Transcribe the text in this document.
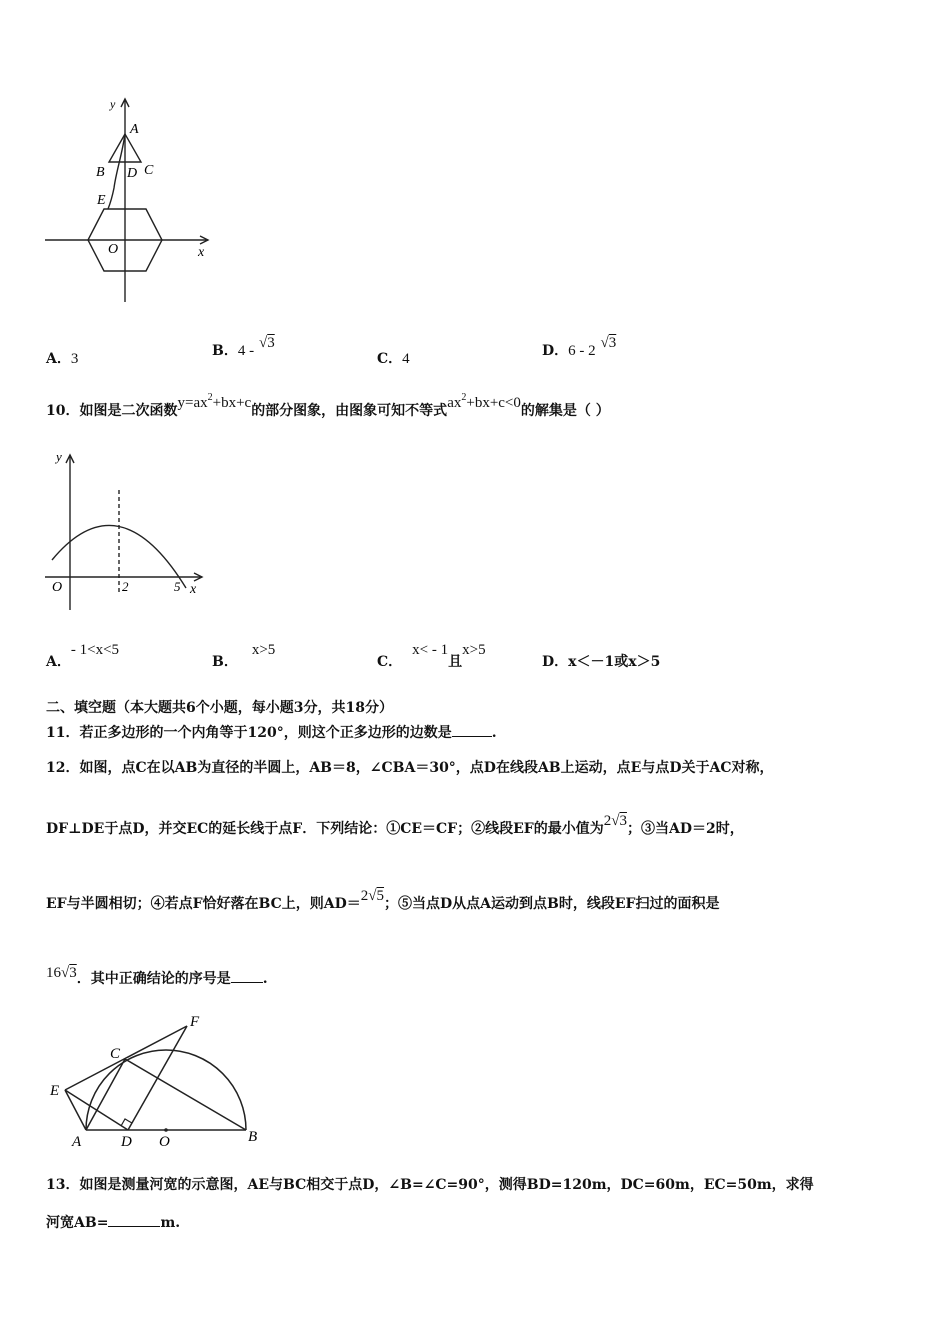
y
A
B	C
D
E
O	x
A．3	B．4 - √3
C．4	D．6 - 2 √3
10．如图是二次函数$y=ax^2+bx+c$的部分图象，由图象可知不等式$ax^2+bx+c<0$的解集是（ ）
y
O	2	5 x
A．- 1<x<5
B．x>5
C．x< - 1且x>5
D．x＜－1或x＞5
二、填空题（本大题共6个小题，每小题3分，共18分）
11．若正多边形的一个内角等于120°，则这个正多边形的边数是	.
12．如图，点C在以AB为直径的半圆上，AB＝8，∠CBA＝30°，点D在线段AB上运动，点E与点D关于AC对称，
DF⊥DE于点D，并交EC的延长线于点F．下列结论：①CE＝CF；②线段EF的最小值为2√3；③当AD＝2时，
EF与半圆相切；④若点F恰好落在BC上，则AD＝2√5；⑤当点D从点A运动到点B时，线段EF扫过的面积是
16√3．其中正确结论的序号是 .
F
C
E
A	D O	B
13．如图是测量河宽的示意图，AE与BC相交于点D，∠B=∠C=90°，测得BD=120m，DC=60m，EC=50m，求得
河宽AB=	m.
